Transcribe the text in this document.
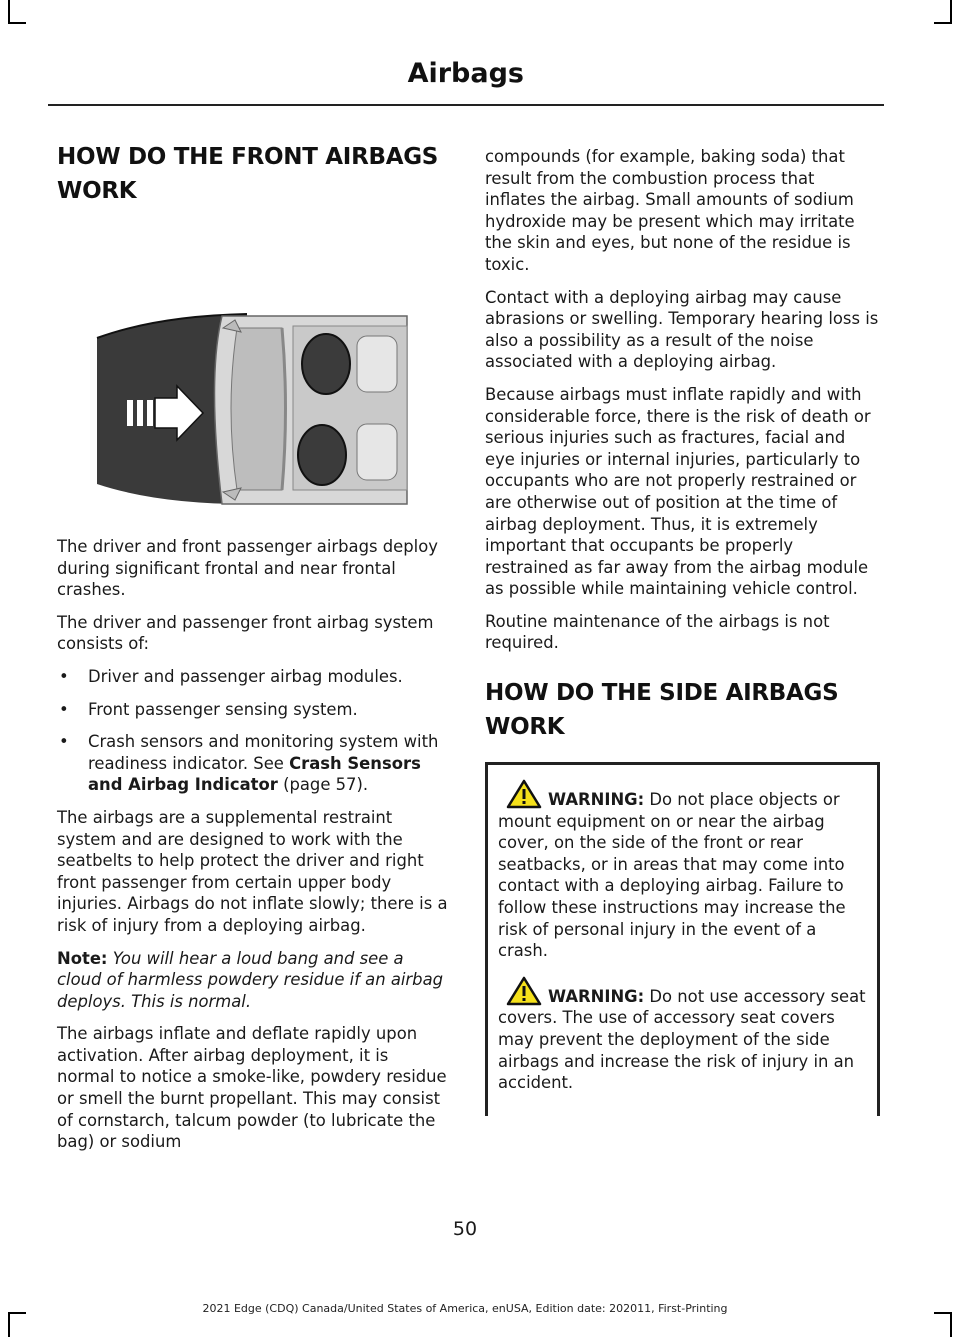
Airbags
HOW DO THE FRONT AIRBAGS
WORK

The driver and front passenger airbags deploy during significant frontal and near frontal crashes.

The driver and passenger front airbag system consists of:

• Driver and passenger airbag modules.
• Front passenger sensing system.
• Crash sensors and monitoring system with readiness indicator. See Crash Sensors and Airbag Indicator (page 57).

The airbags are a supplemental restraint system and are designed to work with the seatbelts to help protect the driver and right front passenger from certain upper body injuries. Airbags do not inflate slowly; there is a risk of injury from a deploying airbag.

Note: You will hear a loud bang and see a cloud of harmless powdery residue if an airbag deploys. This is normal.

The airbags inflate and deflate rapidly upon activation. After airbag deployment, it is normal to notice a smoke-like, powdery residue or smell the burnt propellant. This may consist of cornstarch, talcum powder (to lubricate the bag) or sodium

compounds (for example, baking soda) that result from the combustion process that inflates the airbag. Small amounts of sodium hydroxide may be present which may irritate the skin and eyes, but none of the residue is toxic.

Contact with a deploying airbag may cause abrasions or swelling. Temporary hearing loss is also a possibility as a result of the noise associated with a deploying airbag.

Because airbags must inflate rapidly and with considerable force, there is the risk of death or serious injuries such as fractures, facial and eye injuries or internal injuries, particularly to occupants who are not properly restrained or are otherwise out of position at the time of airbag deployment. Thus, it is extremely important that occupants be properly restrained as far away from the airbag module as possible while maintaining vehicle control.

Routine maintenance of the airbags is not required.

HOW DO THE SIDE AIRBAGS
WORK

WARNING: Do not place objects or mount equipment on or near the airbag cover, on the side of the front or rear seatbacks, or in areas that may come into contact with a deploying airbag. Failure to follow these instructions may increase the risk of personal injury in the event of a crash.

WARNING: Do not use accessory seat covers. The use of accessory seat covers may prevent the deployment of the side airbags and increase the risk of injury in an accident.

50
2021 Edge (CDQ) Canada/United States of America, enUSA, Edition date: 202011, First-Printing
